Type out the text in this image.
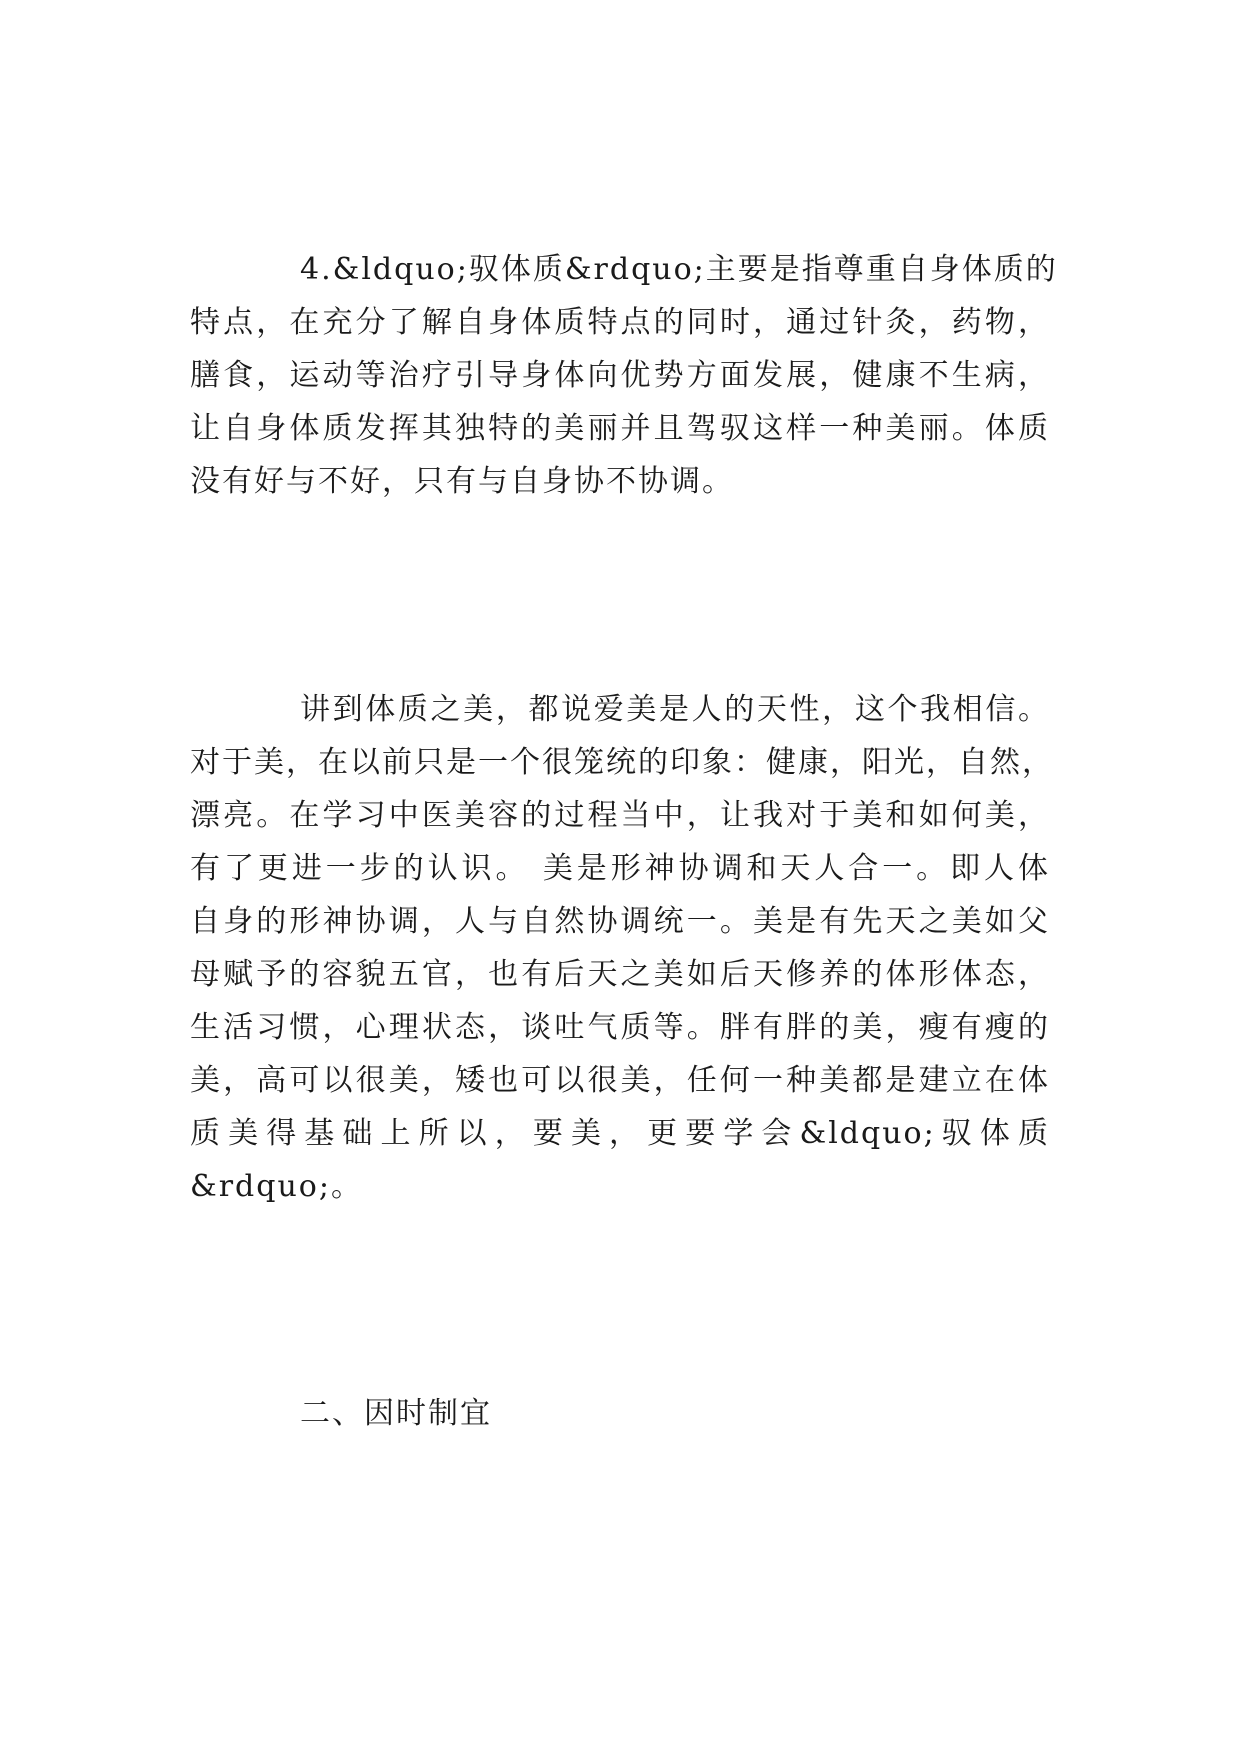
4.&ldquo;驭体质&rdquo;主要是指尊重自身体质的
特点，在充分了解自身体质特点的同时，通过针灸，药物，
膳食，运动等治疗引导身体向优势方面发展，健康不生病，
让自身体质发挥其独特的美丽并且驾驭这样一种美丽。体质
没有好与不好，只有与自身协不协调。
讲到体质之美，都说爱美是人的天性，这个我相信。
对于美，在以前只是一个很笼统的印象：健康，阳光，自然，
漂亮。在学习中医美容的过程当中，让我对于美和如何美，
有了更进一步的认识。 美是形神协调和天人合一。即人体
自身的形神协调，人与自然协调统一。美是有先天之美如父
母赋予的容貌五官，也有后天之美如后天修养的体形体态，
生活习惯，心理状态，谈吐气质等。胖有胖的美，瘦有瘦的
美，高可以很美，矮也可以很美，任何一种美都是建立在体
质美得基础上所以，要美，更要学会&ldquo;驭体质
&rdquo;。
二、因时制宜
